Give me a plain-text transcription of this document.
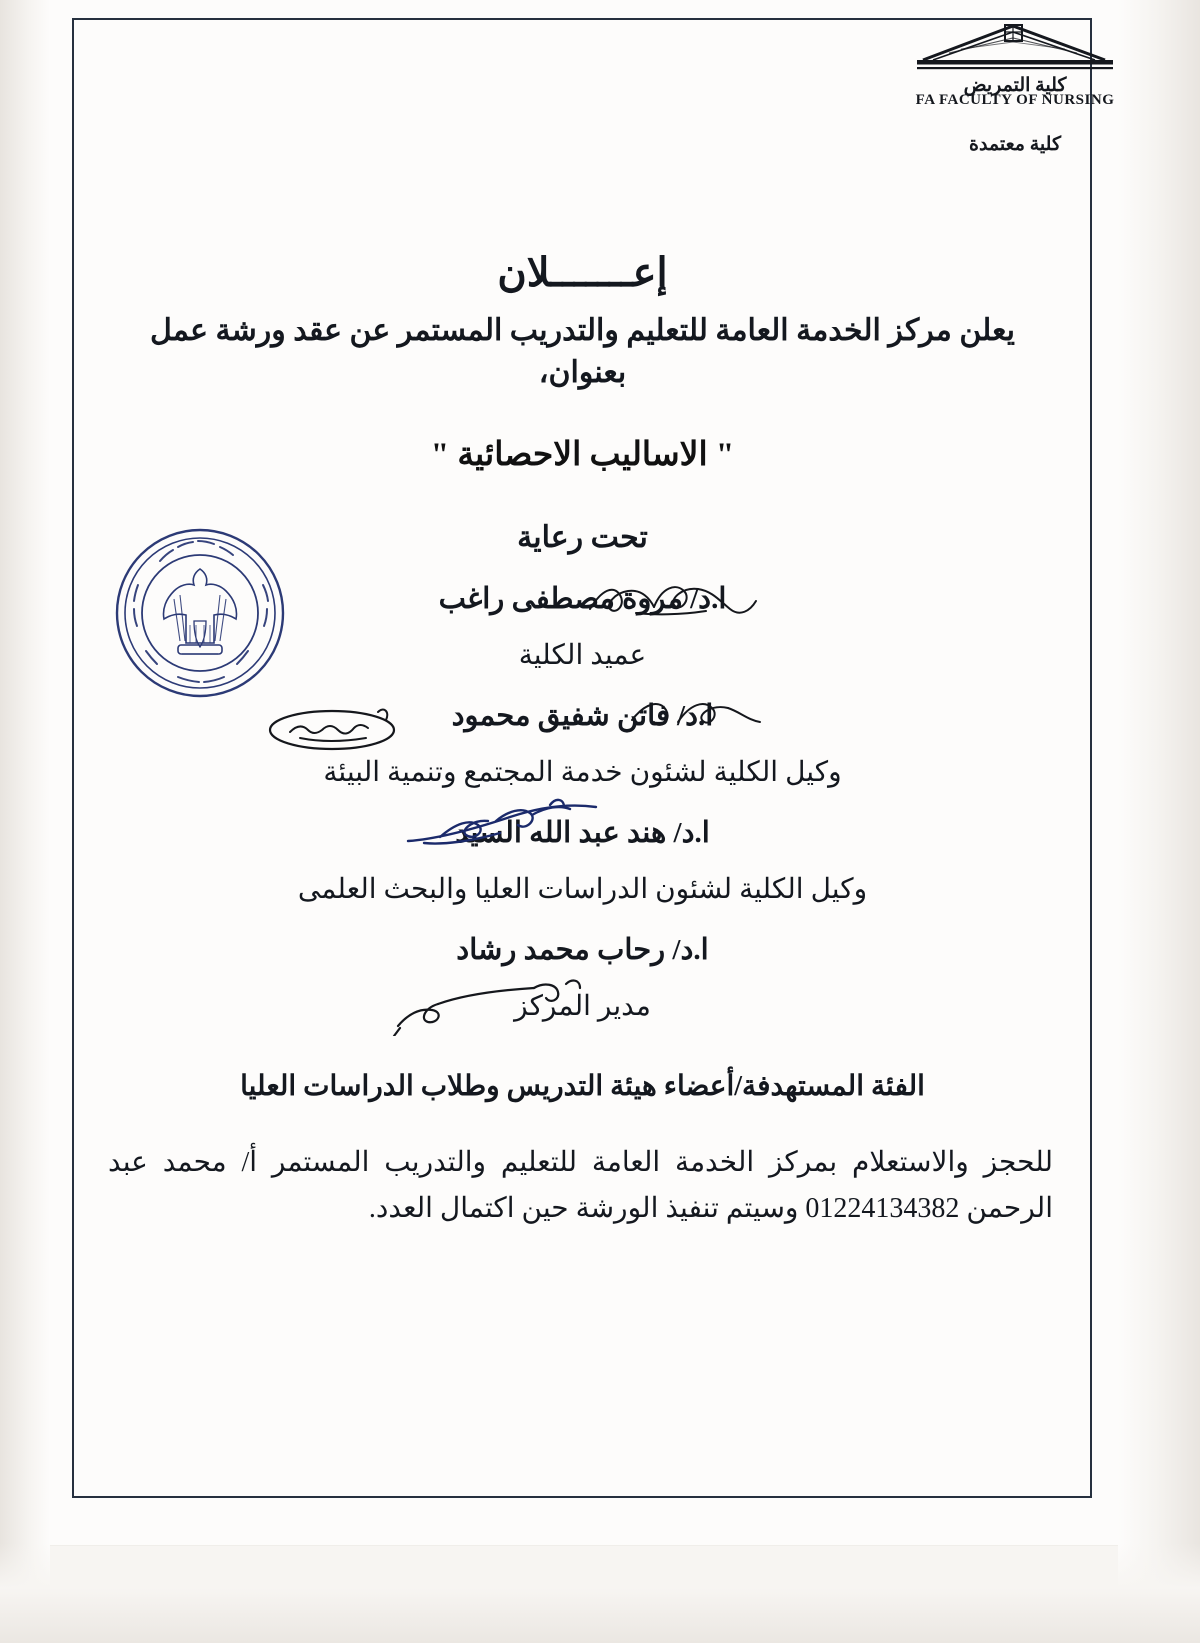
كلية التمريض
FA FACULTY OF NURSING
كلية معتمدة
إعـــــــلان

يعلن مركز الخدمة العامة للتعليم والتدريب المستمر عن عقد ورشة عمل

بعنوان،

" الاساليب الاحصائية "

تحت رعاية

ا.د/ مروة مصطفى راغب

عميد الكلية

ا.د/ فاتن شفيق محمود

وكيل الكلية لشئون خدمة المجتمع وتنمية البيئة

ا.د/ هند عبد الله السيد

وكيل الكلية لشئون الدراسات العليا والبحث العلمى

ا.د/ رحاب محمد رشاد

مدير المركز

الفئة المستهدفة/أعضاء هيئة التدريس وطلاب الدراسات العليا

للحجز والاستعلام بمركز الخدمة العامة للتعليم والتدريب المستمر أ/ محمد عبد الرحمن 01224134382 وسيتم تنفيذ الورشة حين اكتمال العدد.
